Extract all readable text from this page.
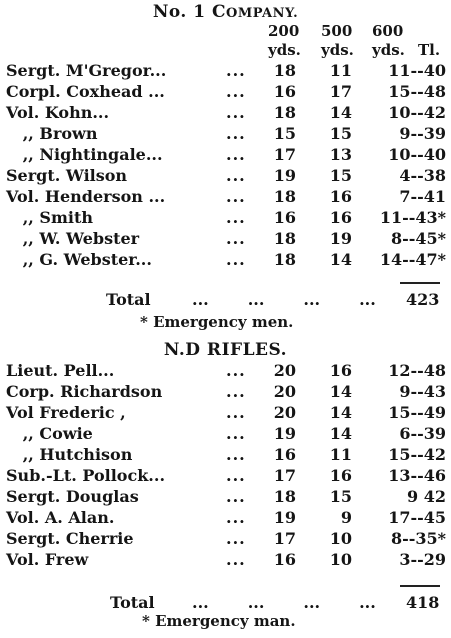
No. 1 COMPANY.
200 500 600
yds. yds. yds. Tl.
Sergt. M'Gregor...	...	18	11	11--40
Corpl. Coxhead ...	...	16	17	15--48
Vol. Kohn...	...	18	14	10--42
,, Brown	...	15	15	9--39
,, Nightingale...	...	17	13	10--40
Sergt. Wilson	...	19	15	4--38
Vol. Henderson ...	...	18	16	7--41
,, Smith	...	16	16 11--43*
,, W. Webster	...	18	19	8--45*
,, G. Webster...	...	18	14 14--47*
Total	...       ...       ...       ... 423
* Emergency men.
N.D RIFLES.
Lieut. Pell...	...	20	16	12--48
Corp. Richardson	...	20	14	9--43
Vol Frederic ,	...	20	14	15--49
,, Cowie	...	19	14	6--39
,, Hutchison	...	16	11	15--42
Sub.-Lt. Pollock...	...	17	16	13--46
Sergt. Douglas	...	18	15	9 42
Vol. A. Alan.	...	19	9	17--45
Sergt. Cherrie	...	17	10	8--35*
Vol. Frew	...	16	10	3--29
Total ...       ...       ...       ... 418
* Emergency man.
